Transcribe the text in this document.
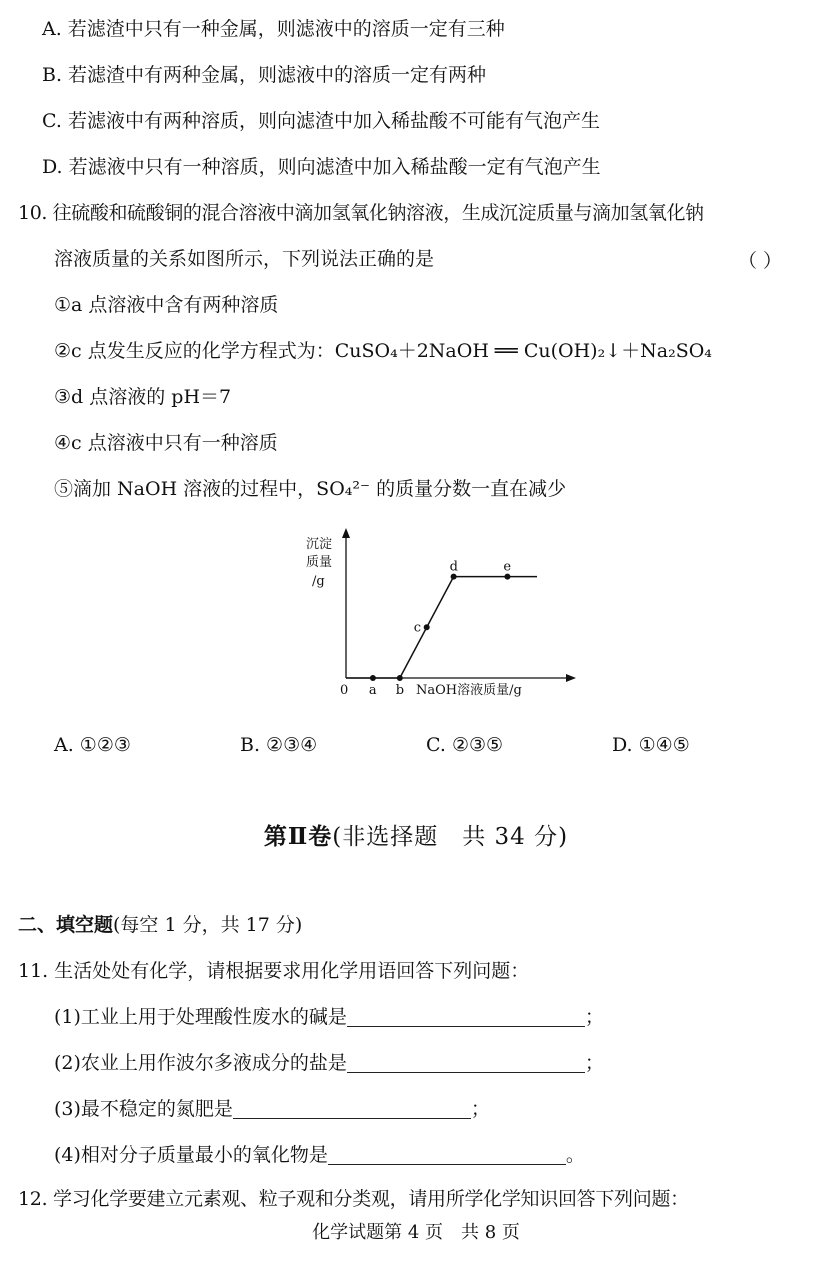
A. 若滤渣中只有一种金属，则滤液中的溶质一定有三种
B. 若滤渣中有两种金属，则滤液中的溶质一定有两种
C. 若滤液中有两种溶质，则向滤渣中加入稀盐酸不可能有气泡产生
D. 若滤液中只有一种溶质，则向滤渣中加入稀盐酸一定有气泡产生
10. 往硫酸和硫酸铜的混合溶液中滴加氢氧化钠溶液，生成沉淀质量与滴加氢氧化钠
溶液质量的关系如图所示，下列说法正确的是	（ ）
①a 点溶液中含有两种溶质
②c 点发生反应的化学方程式为：CuSO₄＋2NaOH ══ Cu(OH)₂↓＋Na₂SO₄
③d 点溶液的 pH＝7
④c 点溶液中只有一种溶质
⑤滴加 NaOH 溶液的过程中，SO₄²⁻ 的质量分数一直在减少
沉淀
质量
/g
0	NaOH溶液质量/g
a b
c
d	e
A. ①②③	B. ②③④	C. ②③⑤	D. ①④⑤
第Ⅱ卷(非选择题　共 34 分)
二、填空题(每空 1 分，共 17 分)
11. 生活处处有化学，请根据要求用化学用语回答下列问题：
(1)工业上用于处理酸性废水的碱是	；
(2)农业上用作波尔多液成分的盐是	；
(3)最不稳定的氮肥是	；
(4)相对分子质量最小的氧化物是	。
12. 学习化学要建立元素观、粒子观和分类观，请用所学化学知识回答下列问题：
化学试题第 4 页　共 8 页
